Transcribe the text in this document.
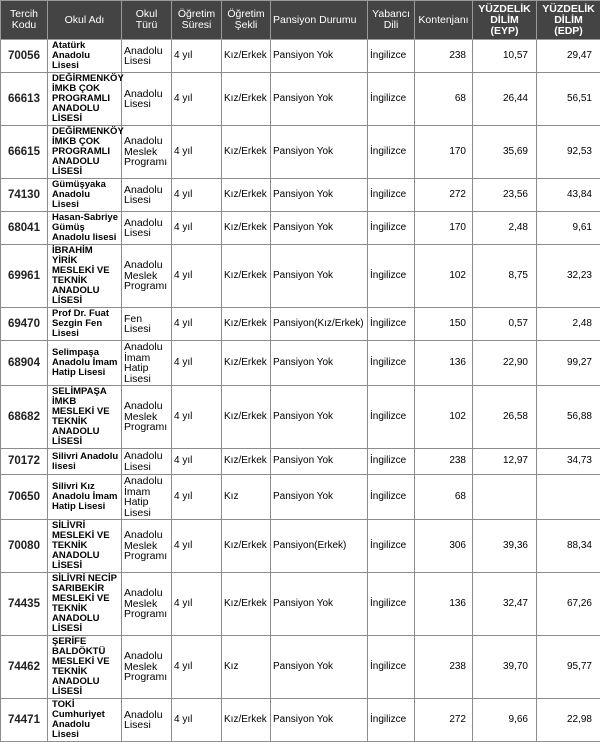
Tercih Kodu	Okul Adı	Okul Türü	Öğretim Süresi	Öğretim Şekli	Pansiyon Durumu	Yabancı Dili	Kontenjanı	YÜZDELİK DİLİM (EYP)	YÜZDELİK DİLİM (EDP)
70056	Atatürk Anadolu Lisesi	Anadolu Lisesi	4 yıl	Kız/Erkek	Pansiyon Yok	İngilizce	238	10,57	29,47
66613	DEĞİRMENKÖY İMKB ÇOK PROGRAMLI ANADOLU LİSESİ	Anadolu Lisesi	4 yıl	Kız/Erkek	Pansiyon Yok	İngilizce	68	26,44	56,51
66615	DEĞİRMENKÖY İMKB ÇOK PROGRAMLI ANADOLU LİSESİ	Anadolu Meslek Programı	4 yıl	Kız/Erkek	Pansiyon Yok	İngilizce	170	35,69	92,53
74130	Gümüşyaka Anadolu Lisesi	Anadolu Lisesi	4 yıl	Kız/Erkek	Pansiyon Yok	İngilizce	272	23,56	43,84
68041	Hasan-Sabriye Gümüş Anadolu lisesi	Anadolu Lisesi	4 yıl	Kız/Erkek	Pansiyon Yok	İngilizce	170	2,48	9,61
69961	İBRAHİM YİRİK MESLEKİ VE TEKNİK ANADOLU LİSESİ	Anadolu Meslek Programı	4 yıl	Kız/Erkek	Pansiyon Yok	İngilizce	102	8,75	32,23
69470	Prof Dr. Fuat Sezgin Fen Lisesi	Fen Lisesi	4 yıl	Kız/Erkek	Pansiyon(Kız/Erkek)	İngilizce	150	0,57	2,48
68904	Selimpaşa Anadolu İmam Hatip Lisesi	Anadolu İmam Hatip Lisesi	4 yıl	Kız/Erkek	Pansiyon Yok	İngilizce	136	22,90	99,27
68682	SELİMPAŞA İMKB MESLEKİ VE TEKNİK ANADOLU LİSESİ	Anadolu Meslek Programı	4 yıl	Kız/Erkek	Pansiyon Yok	İngilizce	102	26,58	56,88
70172	Silivri Anadolu lisesi	Anadolu Lisesi	4 yıl	Kız/Erkek	Pansiyon Yok	İngilizce	238	12,97	34,73
70650	Silivri Kız Anadolu İmam Hatip Lisesi	Anadolu İmam Hatip Lisesi	4 yıl	Kız	Pansiyon Yok	İngilizce	68		
70080	SİLİVRİ MESLEKİ VE TEKNİK ANADOLU LİSESİ	Anadolu Meslek Programı	4 yıl	Kız/Erkek	Pansiyon(Erkek)	İngilizce	306	39,36	88,34
74435	SİLİVRİ NECİP SARIBEKİR MESLEKİ VE TEKNİK ANADOLU LİSESİ	Anadolu Meslek Programı	4 yıl	Kız/Erkek	Pansiyon Yok	İngilizce	136	32,47	67,26
74462	ŞERİFE BALDÖKTÜ MESLEKİ VE TEKNİK ANADOLU LİSESİ	Anadolu Meslek Programı	4 yıl	Kız	Pansiyon Yok	İngilizce	238	39,70	95,77
74471	TOKİ Cumhuriyet Anadolu Lisesi	Anadolu Lisesi	4 yıl	Kız/Erkek	Pansiyon Yok	İngilizce	272	9,66	22,98
